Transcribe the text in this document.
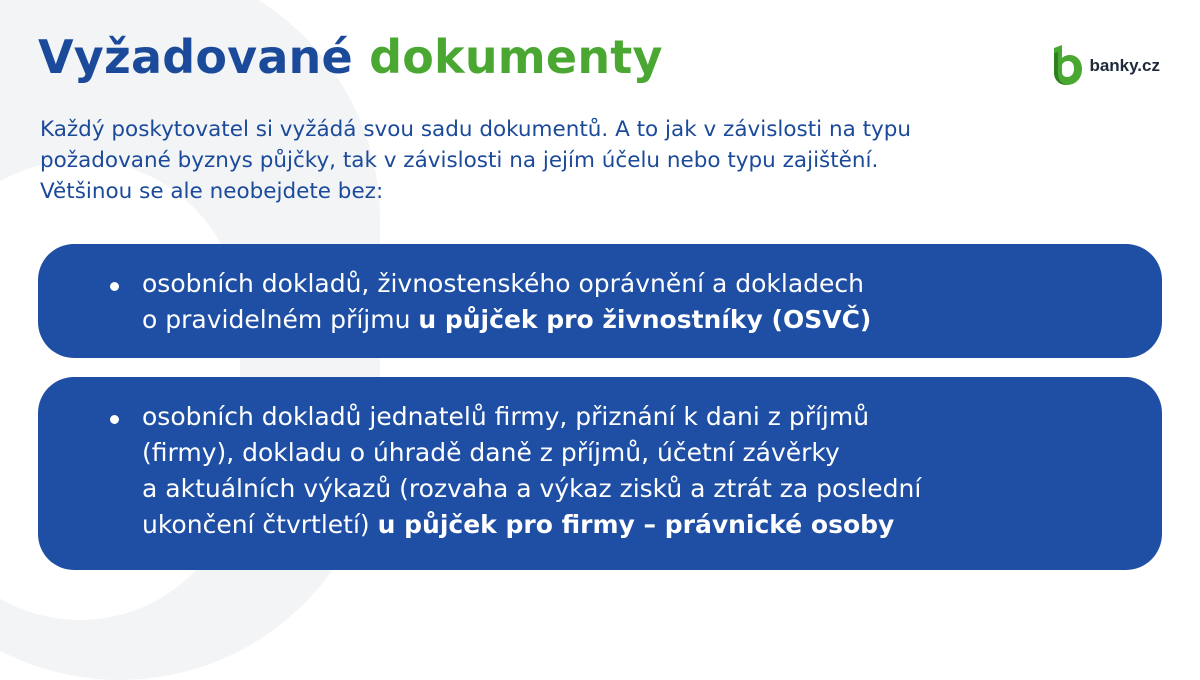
Vyžadované dokumenty	banky.cz

Každý poskytovatel si vyžádá svou sadu dokumentů. A to jak v závislosti na typu
požadované byznys půjčky, tak v závislosti na jejím účelu nebo typu zajištění.
Většinou se ale neobejdete bez:

osobních dokladů, živnostenského oprávnění a dokladech
o pravidelném příjmu u půjček pro živnostníky (OSVČ)

osobních dokladů jednatelů firmy, přiznání k dani z příjmů
(firmy), dokladu o úhradě daně z příjmů, účetní závěrky
a aktuálních výkazů (rozvaha a výkaz zisků a ztrát za poslední
ukončení čtvrtletí) u půjček pro firmy – právnické osoby
